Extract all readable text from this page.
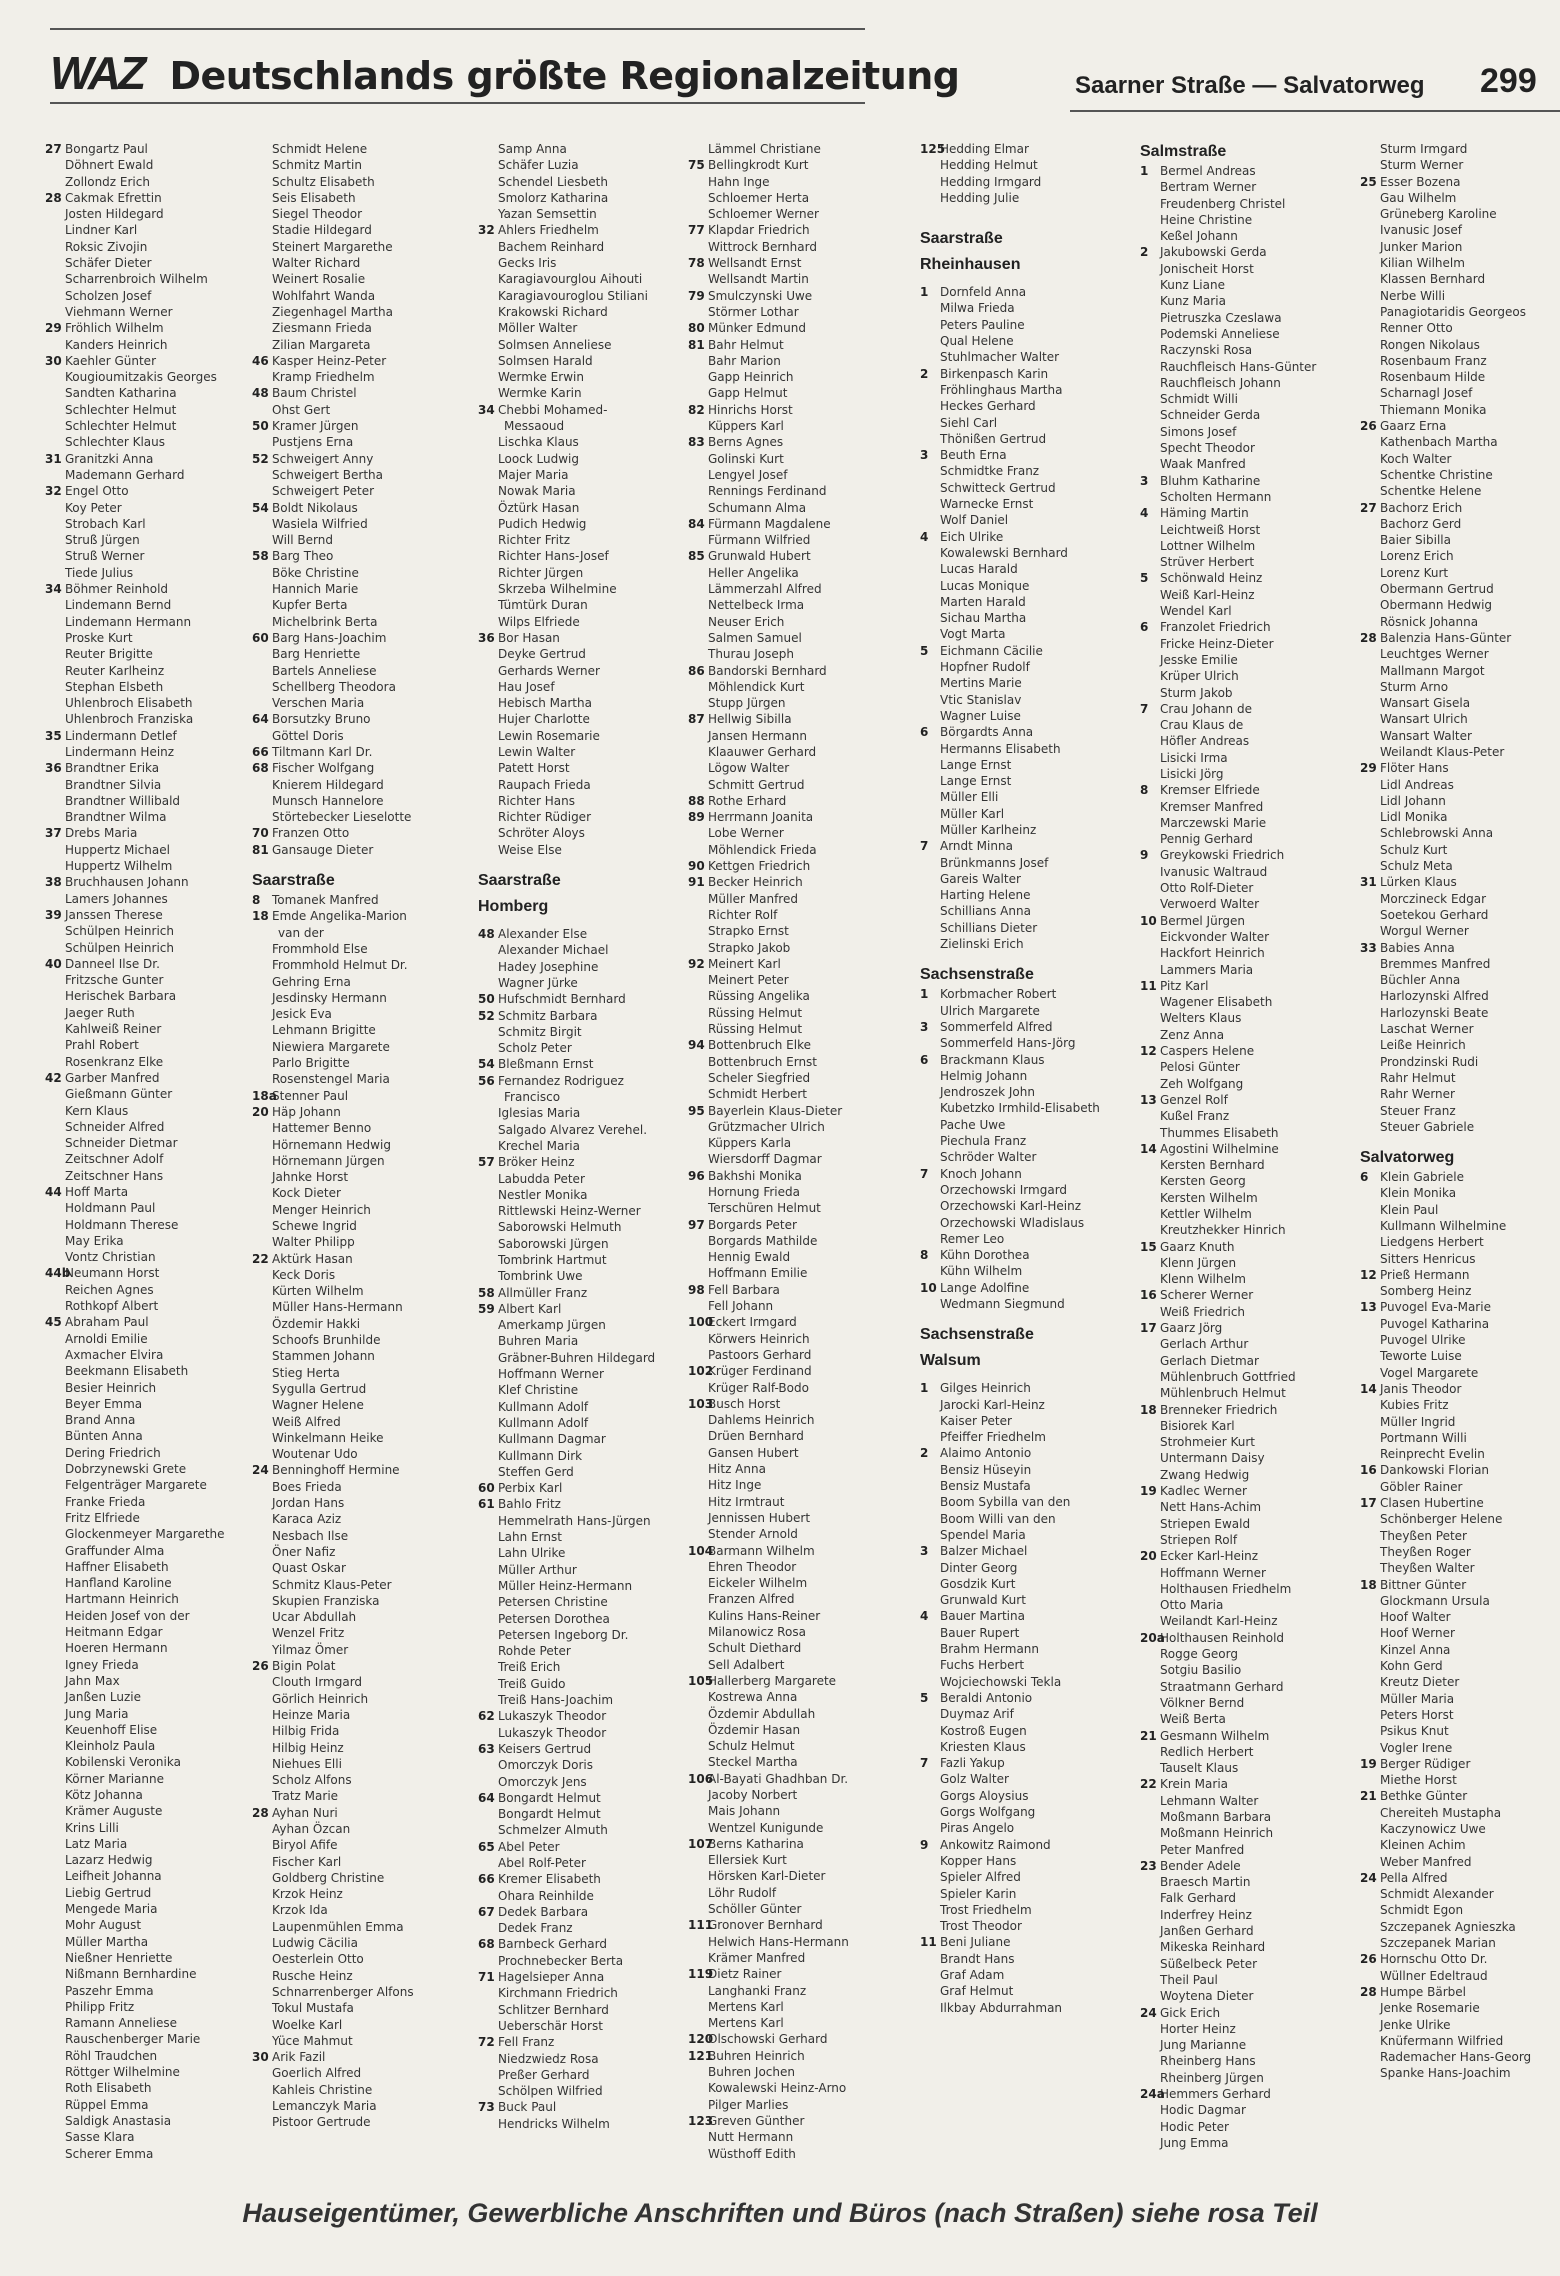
WAZ Deutschlands größte Regionalzeitung	Saarner Straße — Salvatorweg 299
27 Bongartz Paul
Döhnert Ewald
Zollondz Erich
28 Cakmak Efrettin
Josten Hildegard
Lindner Karl
Roksic Zivojin
Schäfer Dieter
Scharrenbroich Wilhelm
Scholzen Josef
Viehmann Werner
29 Fröhlich Wilhelm
Kanders Heinrich
30 Kaehler Günter
Kougioumitzakis Georges
Sandten Katharina
Schlechter Helmut
Schlechter Helmut
Schlechter Klaus
31 Granitzki Anna
Mademann Gerhard
32 Engel Otto
Koy Peter
Strobach Karl
Struß Jürgen
Struß Werner
Tiede Julius
34 Böhmer Reinhold
Lindemann Bernd
Lindemann Hermann
Proske Kurt
Reuter Brigitte
Reuter Karlheinz
Stephan Elsbeth
Uhlenbroch Elisabeth
Uhlenbroch Franziska
35 Lindermann Detlef
Lindermann Heinz
36 Brandtner Erika
Brandtner Silvia
Brandtner Willibald
Brandtner Wilma
37 Drebs Maria
Huppertz Michael
Huppertz Wilhelm
38 Bruchhausen Johann
Lamers Johannes
39 Janssen Therese
Schülpen Heinrich
Schülpen Heinrich
40 Danneel Ilse Dr.
Fritzsche Gunter
Herischek Barbara
Jaeger Ruth
Kahlweiß Reiner
Prahl Robert
Rosenkranz Elke
42 Garber Manfred
Gießmann Günter
Kern Klaus
Schneider Alfred
Schneider Dietmar
Zeitschner Adolf
Zeitschner Hans
44 Hoff Marta
Holdmann Paul
Holdmann Therese
May Erika
Vontz Christian
44b
Neumann Horst
Reichen Agnes
Rothkopf Albert
45 Abraham Paul
Arnoldi Emilie
Axmacher Elvira
Beekmann Elisabeth
Besier Heinrich
Beyer Emma
Brand Anna
Bünten Anna
Dering Friedrich
Dobrzynewski Grete
Felgenträger Margarete
Franke Frieda
Fritz Elfriede
Glockenmeyer Margarethe
Graffunder Alma
Haffner Elisabeth
Hanfland Karoline
Hartmann Heinrich
Heiden Josef von der
Heitmann Edgar
Hoeren Hermann
Igney Frieda
Jahn Max
Janßen Luzie
Jung Maria
Keuenhoff Elise
Kleinholz Paula
Kobilenski Veronika
Körner Marianne
Kötz Johanna
Krämer Auguste
Krins Lilli
Latz Maria
Lazarz Hedwig
Leifheit Johanna
Liebig Gertrud
Mengede Maria
Mohr August
Müller Martha
Nießner Henriette
Nißmann Bernhardine
Paszehr Emma
Philipp Fritz
Ramann Anneliese
Rauschenberger Marie
Röhl Traudchen
Röttger Wilhelmine
Roth Elisabeth
Rüppel Emma
Saldigk Anastasia
Sasse Klara
Scherer Emma
Schmidt Helene
Schmitz Martin
Schultz Elisabeth
Seis Elisabeth
Siegel Theodor
Stadie Hildegard
Steinert Margarethe
Walter Richard
Weinert Rosalie
Wohlfahrt Wanda
Ziegenhagel Martha
Ziesmann Frieda
Zilian Margareta
46 Kasper Heinz-Peter
Kramp Friedhelm
48 Baum Christel
Ohst Gert
50 Kramer Jürgen
Pustjens Erna
52 Schweigert Anny
Schweigert Bertha
Schweigert Peter
54 Boldt Nikolaus
Wasiela Wilfried
Will Bernd
58 Barg Theo
Böke Christine
Hannich Marie
Kupfer Berta
Michelbrink Berta
60 Barg Hans-Joachim
Barg Henriette
Bartels Anneliese
Schellberg Theodora
Verschen Maria
64 Borsutzky Bruno
Göttel Doris
66 Tiltmann Karl Dr.
68 Fischer Wolfgang
Knierem Hildegard
Munsch Hannelore
Störtebecker Lieselotte
70 Franzen Otto
81 Gansauge Dieter
Saarstraße
8 Tomanek Manfred
18 Emde Angelika-Marion
van der
Frommhold Else
Frommhold Helmut Dr.
Gehring Erna
Jesdinsky Hermann
Jesick Eva
Lehmann Brigitte
Niewiera Margarete
Parlo Brigitte
Rosenstengel Maria
18a
Stenner Paul
20 Häp Johann
Hattemer Benno
Hörnemann Hedwig
Hörnemann Jürgen
Jahnke Horst
Kock Dieter
Menger Heinrich
Schewe Ingrid
Walter Philipp
22 Aktürk Hasan
Keck Doris
Kürten Wilhelm
Müller Hans-Hermann
Özdemir Hakki
Schoofs Brunhilde
Stammen Johann
Stieg Herta
Sygulla Gertrud
Wagner Helene
Weiß Alfred
Winkelmann Heike
Woutenar Udo
24 Benninghoff Hermine
Boes Frieda
Jordan Hans
Karaca Aziz
Nesbach Ilse
Öner Nafiz
Quast Oskar
Schmitz Klaus-Peter
Skupien Franziska
Ucar Abdullah
Wenzel Fritz
Yilmaz Ömer
26 Bigin Polat
Clouth Irmgard
Görlich Heinrich
Heinze Maria
Hilbig Frida
Hilbig Heinz
Niehues Elli
Scholz Alfons
Tratz Marie
28 Ayhan Nuri
Ayhan Özcan
Biryol Afife
Fischer Karl
Goldberg Christine
Krzok Heinz
Krzok Ida
Laupenmühlen Emma
Ludwig Cäcilia
Oesterlein Otto
Rusche Heinz
Schnarrenberger Alfons
Tokul Mustafa
Woelke Karl
Yüce Mahmut
30 Arik Fazil
Goerlich Alfred
Kahleis Christine
Lemanczyk Maria
Pistoor Gertrude
Samp Anna
Schäfer Luzia
Schendel Liesbeth
Smolorz Katharina
Yazan Semsettin
32 Ahlers Friedhelm
Bachem Reinhard
Gecks Iris
Karagiavourglou Aihouti
Karagiavouroglou Stiliani
Krakowski Richard
Möller Walter
Solmsen Anneliese
Solmsen Harald
Wermke Erwin
Wermke Karin
34 Chebbi Mohamed-
Messaoud
Lischka Klaus
Loock Ludwig
Majer Maria
Nowak Maria
Öztürk Hasan
Pudich Hedwig
Richter Fritz
Richter Hans-Josef
Richter Jürgen
Skrzeba Wilhelmine
Tümtürk Duran
Wilps Elfriede
36 Bor Hasan
Deyke Gertrud
Gerhards Werner
Hau Josef
Hebisch Martha
Hujer Charlotte
Lewin Rosemarie
Lewin Walter
Patett Horst
Raupach Frieda
Richter Hans
Richter Rüdiger
Schröter Aloys
Weise Else
Saarstraße
Homberg
48 Alexander Else
Alexander Michael
Hadey Josephine
Wagner Jürke
50 Hufschmidt Bernhard
52 Schmitz Barbara
Schmitz Birgit
Scholz Peter
54 Bleßmann Ernst
56 Fernandez Rodriguez
Francisco
Iglesias Maria
Salgado Alvarez Verehel.
Krechel Maria
57 Bröker Heinz
Labudda Peter
Nestler Monika
Rittlewski Heinz-Werner
Saborowski Helmuth
Saborowski Jürgen
Tombrink Hartmut
Tombrink Uwe
58 Allmüller Franz
59 Albert Karl
Amerkamp Jürgen
Buhren Maria
Gräbner-Buhren Hildegard
Hoffmann Werner
Klef Christine
Kullmann Adolf
Kullmann Adolf
Kullmann Dagmar
Kullmann Dirk
Steffen Gerd
60 Perbix Karl
61 Bahlo Fritz
Hemmelrath Hans-Jürgen
Lahn Ernst
Lahn Ulrike
Müller Arthur
Müller Heinz-Hermann
Petersen Christine
Petersen Dorothea
Petersen Ingeborg Dr.
Rohde Peter
Treiß Erich
Treiß Guido
Treiß Hans-Joachim
62 Lukaszyk Theodor
Lukaszyk Theodor
63 Keisers Gertrud
Omorczyk Doris
Omorczyk Jens
64 Bongardt Helmut
Bongardt Helmut
Schmelzer Almuth
65 Abel Peter
Abel Rolf-Peter
66 Kremer Elisabeth
Ohara Reinhilde
67 Dedek Barbara
Dedek Franz
68 Barnbeck Gerhard
Prochnebecker Berta
71 Hagelsieper Anna
Kirchmann Friedrich
Schlitzer Bernhard
Ueberschär Horst
72 Fell Franz
Niedzwiedz Rosa
Preßer Gerhard
Schölpen Wilfried
73 Buck Paul
Hendricks Wilhelm
Lämmel Christiane
75 Bellingkrodt Kurt
Hahn Inge
Schloemer Herta
Schloemer Werner
77 Klapdar Friedrich
Wittrock Bernhard
78 Wellsandt Ernst
Wellsandt Martin
79 Smulczynski Uwe
Störmer Lothar
80 Münker Edmund
81 Bahr Helmut
Bahr Marion
Gapp Heinrich
Gapp Helmut
82 Hinrichs Horst
Küppers Karl
83 Berns Agnes
Golinski Kurt
Lengyel Josef
Rennings Ferdinand
Schumann Alma
84 Fürmann Magdalene
Fürmann Wilfried
85 Grunwald Hubert
Heller Angelika
Lämmerzahl Alfred
Nettelbeck Irma
Neuser Erich
Salmen Samuel
Thurau Joseph
86 Bandorski Bernhard
Möhlendick Kurt
Stupp Jürgen
87 Hellwig Sibilla
Jansen Hermann
Klaauwer Gerhard
Lögow Walter
Schmitt Gertrud
88 Rothe Erhard
89 Herrmann Joanita
Lobe Werner
Möhlendick Frieda
90 Kettgen Friedrich
91 Becker Heinrich
Müller Manfred
Richter Rolf
Strapko Ernst
Strapko Jakob
92 Meinert Karl
Meinert Peter
Rüssing Angelika
Rüssing Helmut
Rüssing Helmut
94 Bottenbruch Elke
Bottenbruch Ernst
Scheler Siegfried
Schmidt Herbert
95 Bayerlein Klaus-Dieter
Grützmacher Ulrich
Küppers Karla
Wiersdorff Dagmar
96 Bakhshi Monika
Hornung Frieda
Terschüren Helmut
97 Borgards Peter
Borgards Mathilde
Hennig Ewald
Hoffmann Emilie
98 Fell Barbara
Fell Johann
100
Eckert Irmgard
Körwers Heinrich
Pastoors Gerhard
102
Krüger Ferdinand
Krüger Ralf-Bodo
103
Busch Horst
Dahlems Heinrich
Drüen Bernhard
Gansen Hubert
Hitz Anna
Hitz Inge
Hitz Irmtraut
Jennissen Hubert
Stender Arnold
104
Barmann Wilhelm
Ehren Theodor
Eickeler Wilhelm
Franzen Alfred
Kulins Hans-Reiner
Milanowicz Rosa
Schult Diethard
Sell Adalbert
105
Hallerberg Margarete
Kostrewa Anna
Özdemir Abdullah
Özdemir Hasan
Schulz Helmut
Steckel Martha
106
Al-Bayati Ghadhban Dr.
Jacoby Norbert
Mais Johann
Wentzel Kunigunde
107
Berns Katharina
Ellersiek Kurt
Hörsken Karl-Dieter
Löhr Rudolf
Schöller Günter
111
Gronover Bernhard
Helwich Hans-Hermann
Krämer Manfred
119
Dietz Rainer
Langhanki Franz
Mertens Karl
Mertens Karl
120
Olschowski Gerhard
121
Buhren Heinrich
Buhren Jochen
Kowalewski Heinz-Arno
Pilger Marlies
123
Greven Günther
Nutt Hermann
Wüsthoff Edith
125
Hedding Elmar
Hedding Helmut
Hedding Irmgard
Hedding Julie
Saarstraße
Rheinhausen
1 Dornfeld Anna
Milwa Frieda
Peters Pauline
Qual Helene
Stuhlmacher Walter
2 Birkenpasch Karin
Fröhlinghaus Martha
Heckes Gerhard
Siehl Carl
Thönißen Gertrud
3 Beuth Erna
Schmidtke Franz
Schwitteck Gertrud
Warnecke Ernst
Wolf Daniel
4 Eich Ulrike
Kowalewski Bernhard
Lucas Harald
Lucas Monique
Marten Harald
Sichau Martha
Vogt Marta
5 Eichmann Cäcilie
Hopfner Rudolf
Mertins Marie
Vtic Stanislav
Wagner Luise
6 Börgardts Anna
Hermanns Elisabeth
Lange Ernst
Lange Ernst
Müller Elli
Müller Karl
Müller Karlheinz
7 Arndt Minna
Brünkmanns Josef
Gareis Walter
Harting Helene
Schillians Anna
Schillians Dieter
Zielinski Erich
Sachsenstraße
1 Korbmacher Robert
Ulrich Margarete
3 Sommerfeld Alfred
Sommerfeld Hans-Jörg
6 Brackmann Klaus
Helmig Johann
Jendroszek John
Kubetzko Irmhild-Elisabeth
Pache Uwe
Piechula Franz
Schröder Walter
7 Knoch Johann
Orzechowski Irmgard
Orzechowski Karl-Heinz
Orzechowski Wladislaus
Remer Leo
8 Kühn Dorothea
Kühn Wilhelm
10 Lange Adolfine
Wedmann Siegmund
Sachsenstraße
Walsum
1 Gilges Heinrich
Jarocki Karl-Heinz
Kaiser Peter
Pfeiffer Friedhelm
2 Alaimo Antonio
Bensiz Hüseyin
Bensiz Mustafa
Boom Sybilla van den
Boom Willi van den
Spendel Maria
3 Balzer Michael
Dinter Georg
Gosdzik Kurt
Grunwald Kurt
4 Bauer Martina
Bauer Rupert
Brahm Hermann
Fuchs Herbert
Wojciechowski Tekla
5 Beraldi Antonio
Duymaz Arif
Kostroß Eugen
Kriesten Klaus
7 Fazli Yakup
Golz Walter
Gorgs Aloysius
Gorgs Wolfgang
Piras Angelo
9 Ankowitz Raimond
Kopper Hans
Spieler Alfred
Spieler Karin
Trost Friedhelm
Trost Theodor
11 Beni Juliane
Brandt Hans
Graf Adam
Graf Helmut
Ilkbay Abdurrahman
Salmstraße
1 Bermel Andreas
Bertram Werner
Freudenberg Christel
Heine Christine
Keßel Johann
2 Jakubowski Gerda
Jonischeit Horst
Kunz Liane
Kunz Maria
Pietruszka Czeslawa
Podemski Anneliese
Raczynski Rosa
Rauchfleisch Hans-Günter
Rauchfleisch Johann
Schmidt Willi
Schneider Gerda
Simons Josef
Specht Theodor
Waak Manfred
3 Bluhm Katharine
Scholten Hermann
4 Häming Martin
Leichtweiß Horst
Lottner Wilhelm
Strüver Herbert
5 Schönwald Heinz
Weiß Karl-Heinz
Wendel Karl
6 Franzolet Friedrich
Fricke Heinz-Dieter
Jesske Emilie
Krüper Ulrich
Sturm Jakob
7 Crau Johann de
Crau Klaus de
Höfler Andreas
Lisicki Irma
Lisicki Jörg
8 Kremser Elfriede
Kremser Manfred
Marczewski Marie
Pennig Gerhard
9 Greykowski Friedrich
Ivanusic Waltraud
Otto Rolf-Dieter
Verwoerd Walter
10 Bermel Jürgen
Eickvonder Walter
Hackfort Heinrich
Lammers Maria
11 Pitz Karl
Wagener Elisabeth
Welters Klaus
Zenz Anna
12 Caspers Helene
Pelosi Günter
Zeh Wolfgang
13 Genzel Rolf
Kußel Franz
Thummes Elisabeth
14 Agostini Wilhelmine
Kersten Bernhard
Kersten Georg
Kersten Wilhelm
Kettler Wilhelm
Kreutzhekker Hinrich
15 Gaarz Knuth
Klenn Jürgen
Klenn Wilhelm
16 Scherer Werner
Weiß Friedrich
17 Gaarz Jörg
Gerlach Arthur
Gerlach Dietmar
Mühlenbruch Gottfried
Mühlenbruch Helmut
18 Brenneker Friedrich
Bisiorek Karl
Strohmeier Kurt
Untermann Daisy
Zwang Hedwig
19 Kadlec Werner
Nett Hans-Achim
Striepen Ewald
Striepen Rolf
20 Ecker Karl-Heinz
Hoffmann Werner
Holthausen Friedhelm
Otto Maria
Weilandt Karl-Heinz
20a
Holthausen Reinhold
Rogge Georg
Sotgiu Basilio
Straatmann Gerhard
Völkner Bernd
Weiß Berta
21 Gesmann Wilhelm
Redlich Herbert
Tauselt Klaus
22 Krein Maria
Lehmann Walter
Moßmann Barbara
Moßmann Heinrich
Peter Manfred
23 Bender Adele
Braesch Martin
Falk Gerhard
Inderfrey Heinz
Janßen Gerhard
Mikeska Reinhard
Süßelbeck Peter
Theil Paul
Woytena Dieter
24 Gick Erich
Horter Heinz
Jung Marianne
Rheinberg Hans
Rheinberg Jürgen
24a
Hemmers Gerhard
Hodic Dagmar
Hodic Peter
Jung Emma
Sturm Irmgard
Sturm Werner
25 Esser Bozena
Gau Wilhelm
Grüneberg Karoline
Ivanusic Josef
Junker Marion
Kilian Wilhelm
Klassen Bernhard
Nerbe Willi
Panagiotaridis Georgeos
Renner Otto
Rongen Nikolaus
Rosenbaum Franz
Rosenbaum Hilde
Scharnagl Josef
Thiemann Monika
26 Gaarz Erna
Kathenbach Martha
Koch Walter
Schentke Christine
Schentke Helene
27 Bachorz Erich
Bachorz Gerd
Baier Sibilla
Lorenz Erich
Lorenz Kurt
Obermann Gertrud
Obermann Hedwig
Rösnick Johanna
28 Balenzia Hans-Günter
Leuchtges Werner
Mallmann Margot
Sturm Arno
Wansart Gisela
Wansart Ulrich
Wansart Walter
Weilandt Klaus-Peter
29 Flöter Hans
Lidl Andreas
Lidl Johann
Lidl Monika
Schlebrowski Anna
Schulz Kurt
Schulz Meta
31 Lürken Klaus
Morczineck Edgar
Soetekou Gerhard
Worgul Werner
33 Babies Anna
Bremmes Manfred
Büchler Anna
Harlozynski Alfred
Harlozynski Beate
Laschat Werner
Leiße Heinrich
Prondzinski Rudi
Rahr Helmut
Rahr Werner
Steuer Franz
Steuer Gabriele
Salvatorweg
6 Klein Gabriele
Klein Monika
Klein Paul
Kullmann Wilhelmine
Liedgens Herbert
Sitters Henricus
12 Prieß Hermann
Somberg Heinz
13 Puvogel Eva-Marie
Puvogel Katharina
Puvogel Ulrike
Teworte Luise
Vogel Margarete
14 Janis Theodor
Kubies Fritz
Müller Ingrid
Portmann Willi
Reinprecht Evelin
16 Dankowski Florian
Göbler Rainer
17 Clasen Hubertine
Schönberger Helene
Theyßen Peter
Theyßen Roger
Theyßen Walter
18 Bittner Günter
Glockmann Ursula
Hoof Walter
Hoof Werner
Kinzel Anna
Kohn Gerd
Kreutz Dieter
Müller Maria
Peters Horst
Psikus Knut
Vogler Irene
19 Berger Rüdiger
Miethe Horst
21 Bethke Günter
Chereiteh Mustapha
Kaczynowicz Uwe
Kleinen Achim
Weber Manfred
24 Pella Alfred
Schmidt Alexander
Schmidt Egon
Szczepanek Agnieszka
Szczepanek Marian
26 Hornschu Otto Dr.
Wüllner Edeltraud
28 Humpe Bärbel
Jenke Rosemarie
Jenke Ulrike
Knüfermann Wilfried
Rademacher Hans-Georg
Spanke Hans-Joachim
Hauseigentümer, Gewerbliche Anschriften und Büros (nach Straßen) siehe rosa Teil
